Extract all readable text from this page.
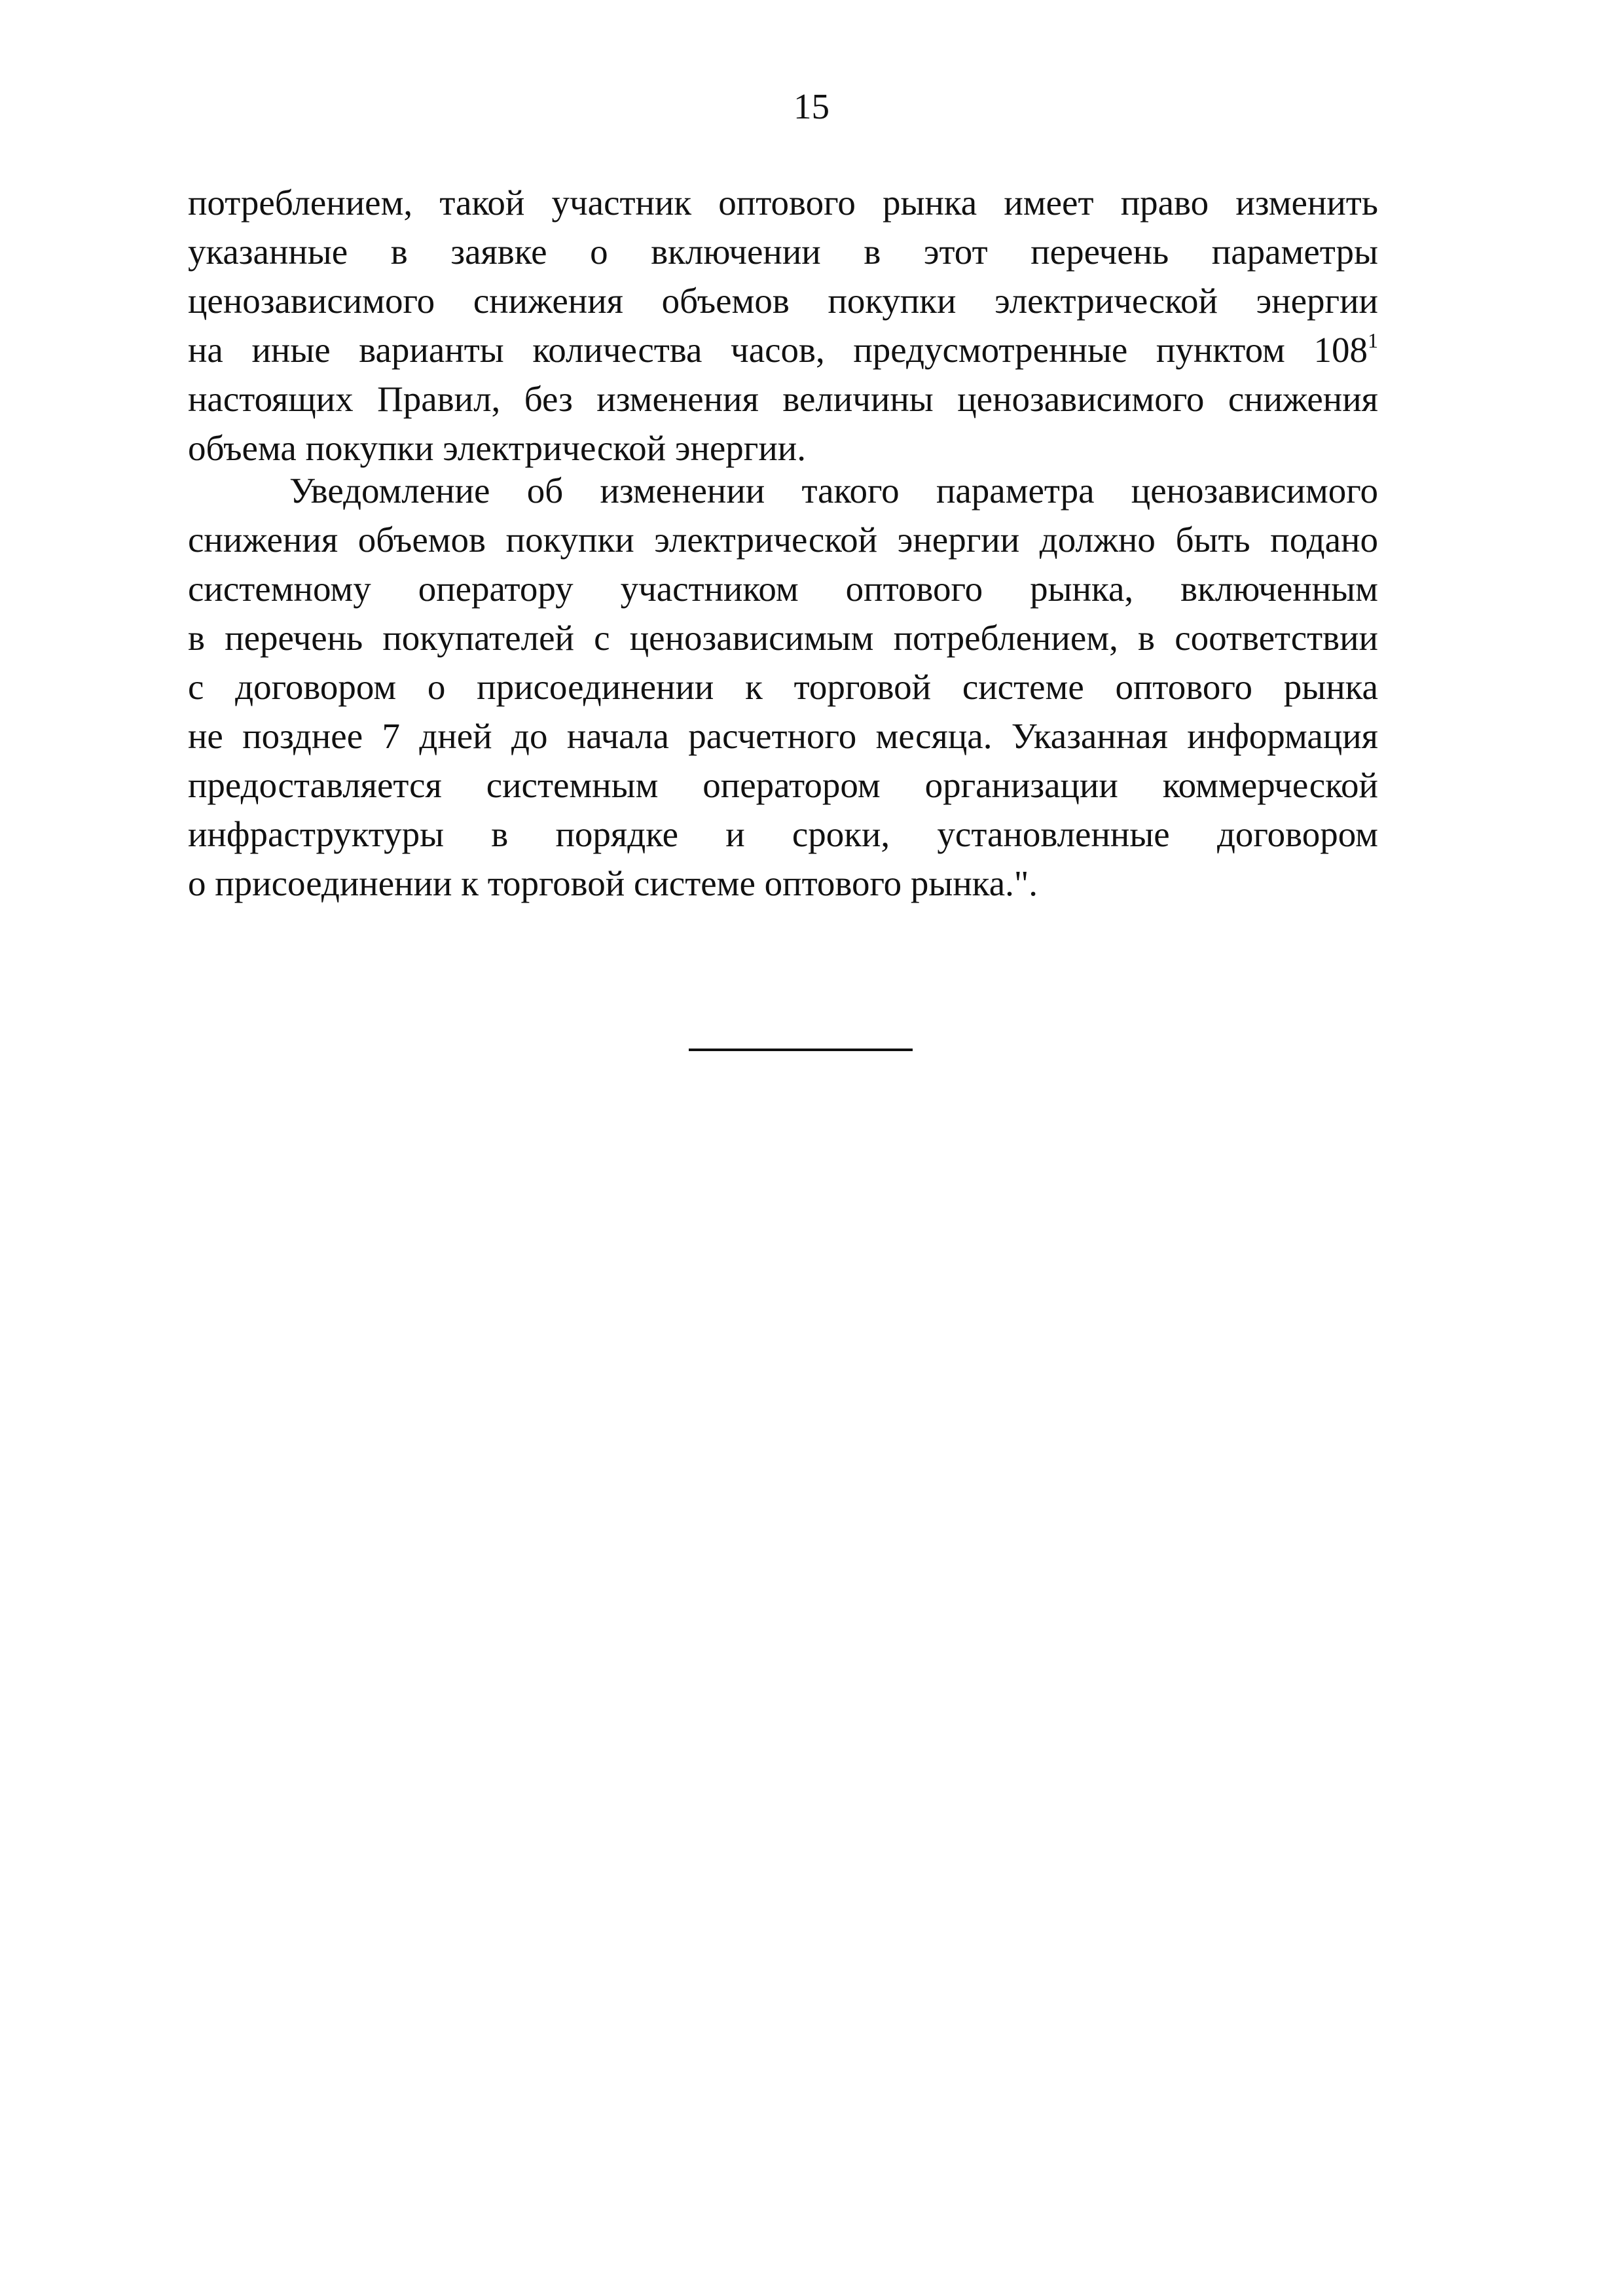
15
потреблением, такой участник оптового рынка имеет право изменить
указанные в заявке о включении в этот перечень параметры
ценозависимого снижения объемов покупки электрической энергии
на иные варианты количества часов, предусмотренные пунктом 108$^1$
настоящих Правил, без изменения величины ценозависимого снижения
объема покупки электрической энергии.
Уведомление об изменении такого параметра ценозависимого
снижения объемов покупки электрической энергии должно быть подано
системному оператору участником оптового рынка, включенным
в перечень покупателей с ценозависимым потреблением, в соответствии
с договором о присоединении к торговой системе оптового рынка
не позднее 7 дней до начала расчетного месяца. Указанная информация
предоставляется системным оператором организации коммерческой
инфраструктуры в порядке и сроки, установленные договором
о присоединении к торговой системе оптового рынка.".
